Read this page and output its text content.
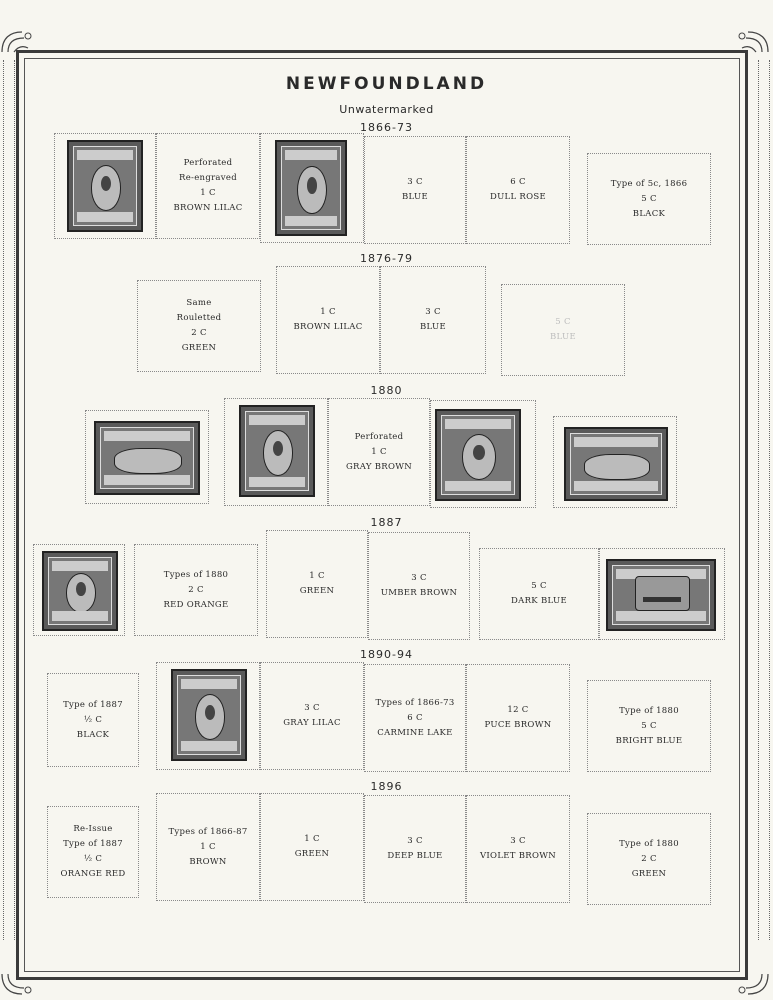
NEWFOUNDLAND
Unwatermarked
1866-73
Perforated
Re-engraved
1 C
BROWN LILAC
3 C
BLUE
6 C
DULL ROSE
Type of 5c, 1866
5 C
BLACK
1876-79
Same
Rouletted
2 C
GREEN
1 C
BROWN LILAC
3 C
BLUE	5 C
BLUE
1880
Perforated
1 C
GRAY BROWN
1887
Types of 1880
2 C
RED ORANGE
1 C
GREEN
3 C
UMBER BROWN
5 C
DARK BLUE
1890-94
Type of 1887
½ C
BLACK
3 C
GRAY LILAC
Types of 1866-73
6 C
CARMINE LAKE
12 C
PUCE BROWN
Type of 1880
5 C
BRIGHT BLUE
1896
Re-Issue
Type of 1887
½ C
ORANGE RED
Types of 1866-87
1 C
BROWN
1 C
GREEN
3 C
DEEP BLUE
3 C
VIOLET BROWN
Type of 1880
2 C
GREEN
